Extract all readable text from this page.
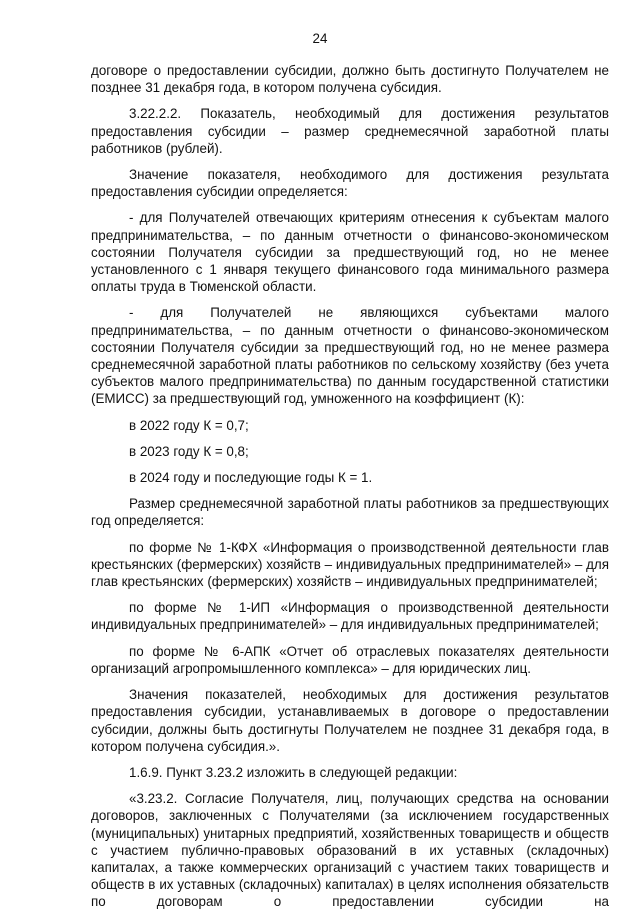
24

договоре о предоставлении субсидии, должно быть достигнуто Получателем не позднее 31 декабря года, в котором получена субсидия.

3.22.2.2. Показатель, необходимый для достижения результатов предоставления субсидии – размер среднемесячной заработной платы работников (рублей).

Значение показателя, необходимого для достижения результата предоставления субсидии определяется:

- для Получателей отвечающих критериям отнесения к субъектам малого предпринимательства, – по данным отчетности о финансово-экономическом состоянии Получателя субсидии за предшествующий год, но не менее установленного с 1 января текущего финансового года минимального размера оплаты труда в Тюменской области.

- для Получателей не являющихся субъектами малого предпринимательства, – по данным отчетности о финансово-экономическом состоянии Получателя субсидии за предшествующий год, но не менее размера среднемесячной заработной платы работников по сельскому хозяйству (без учета субъектов малого предпринимательства) по данным государственной статистики (ЕМИСС) за предшествующий год, умноженного на коэффициент (К):

в 2022 году К = 0,7;

в 2023 году К = 0,8;

в 2024 году и последующие годы К = 1.

Размер среднемесячной заработной платы работников за предшествующих год определяется:

по форме № 1-КФХ «Информация о производственной деятельности глав крестьянских (фермерских) хозяйств – индивидуальных предпринимателей» – для глав крестьянских (фермерских) хозяйств – индивидуальных предпринимателей;

по форме № 1-ИП «Информация о производственной деятельности индивидуальных предпринимателей» – для индивидуальных предпринимателей;

по форме № 6-АПК «Отчет об отраслевых показателях деятельности организаций агропромышленного комплекса» – для юридических лиц.

Значения показателей, необходимых для достижения результатов предоставления субсидии, устанавливаемых в договоре о предоставлении субсидии, должны быть достигнуты Получателем не позднее 31 декабря года, в котором получена субсидия.».

1.6.9. Пункт 3.23.2 изложить в следующей редакции:

«3.23.2. Согласие Получателя, лиц, получающих средства на основании договоров, заключенных с Получателями (за исключением государственных (муниципальных) унитарных предприятий, хозяйственных товариществ и обществ с участием публично-правовых образований в их уставных (складочных) капиталах, а также коммерческих организаций с участием таких товариществ и обществ в их уставных (складочных) капиталах) в целях исполнения обязательств по договорам о предоставлении субсидии на
